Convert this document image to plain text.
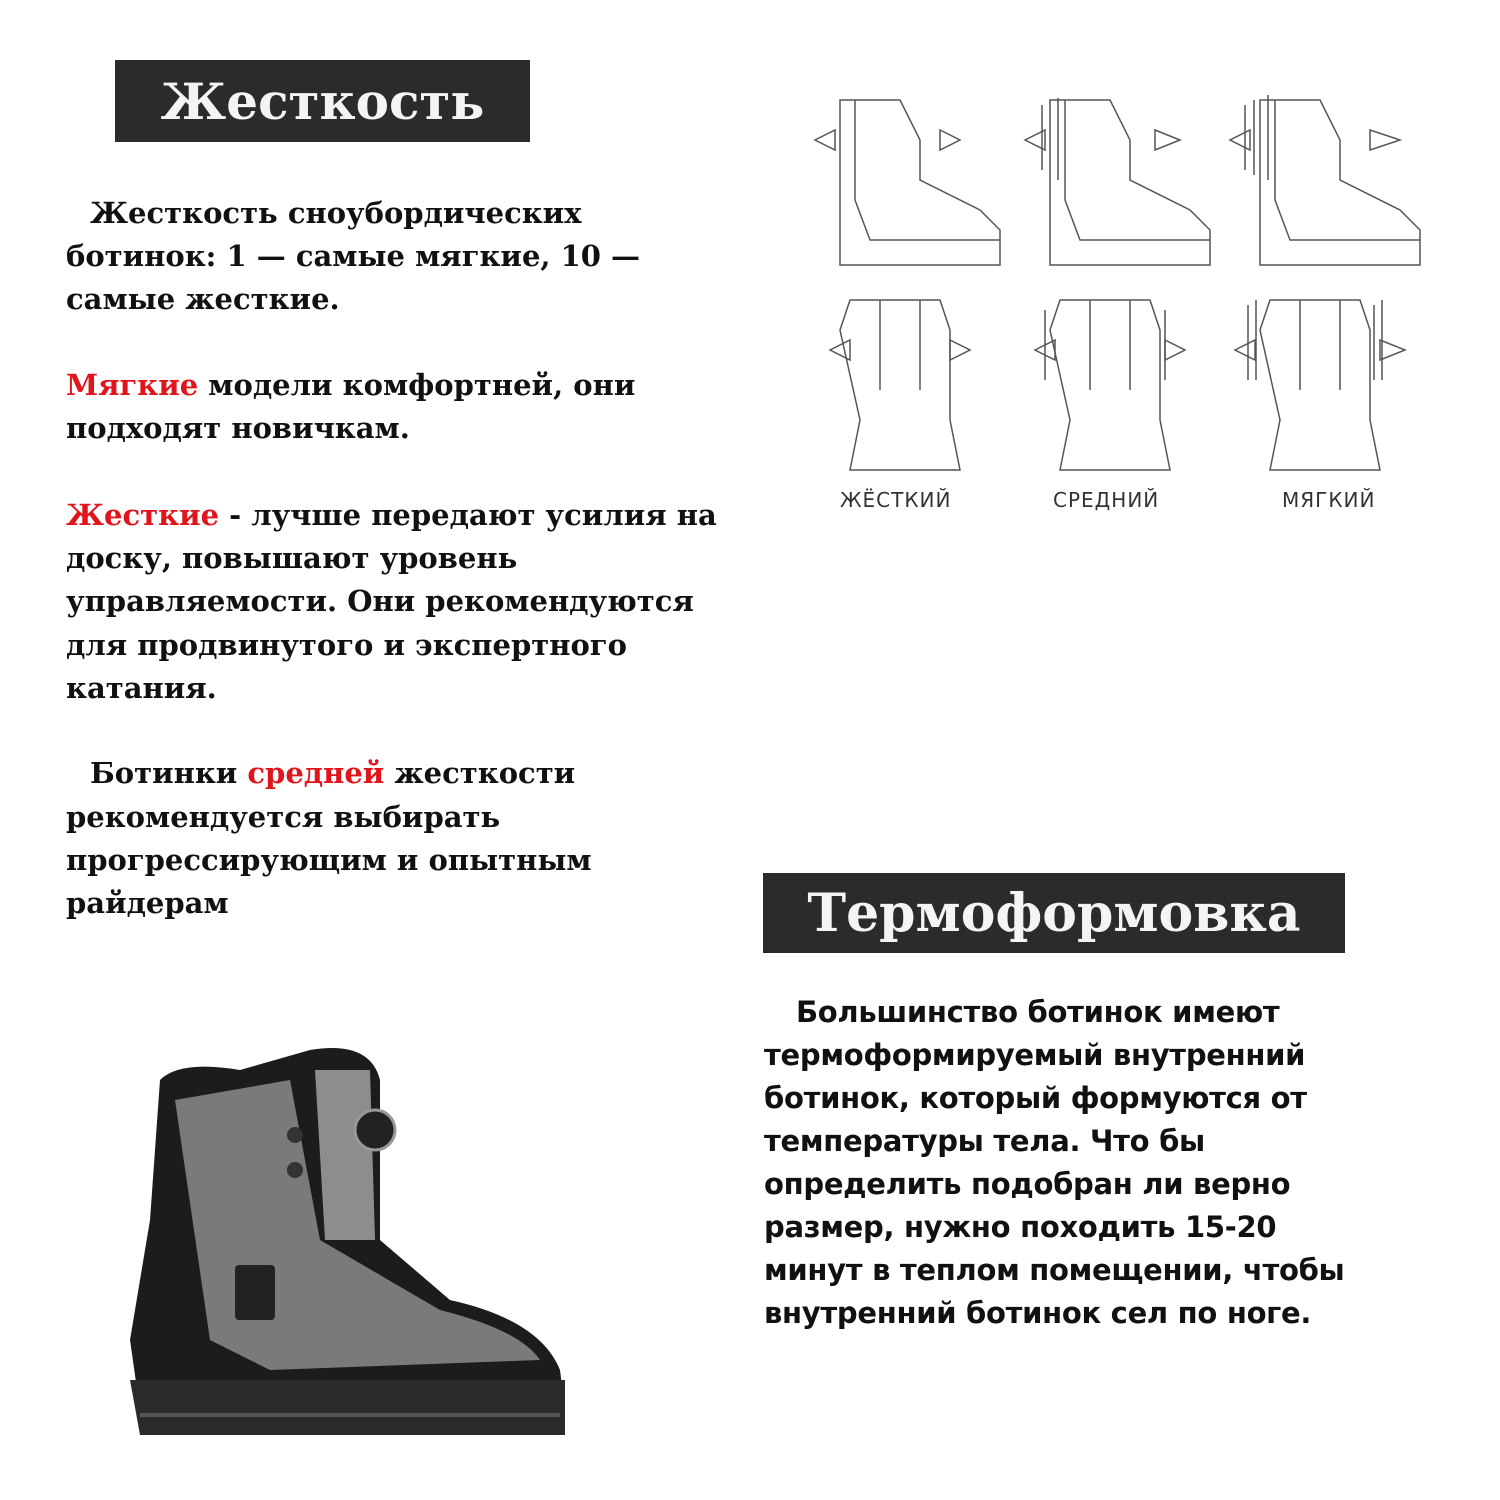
Жесткость
Жесткость сноубордических
ботинок: 1 — самые мягкие, 10 —
самые жесткие.
Мягкие модели комфортней, они
подходят новичкам.
Жесткие - лучше передают усилия на
доску, повышают уровень
управляемости. Они рекомендуются
для продвинутого и экспертного
катания.
Ботинки средней жесткости
рекомендуется выбирать
прогрессирующим и опытным
райдерам
ЖЁСТКИЙ	СРЕДНИЙ	МЯГКИЙ
Термоформовка
Большинство ботинок имеют
термоформируемый внутренний
ботинок, который формуются от
температуры тела. Что бы
определить подобран ли верно
размер, нужно походить 15-20
минут в теплом помещении, чтобы
внутренний ботинок сел по ноге.
